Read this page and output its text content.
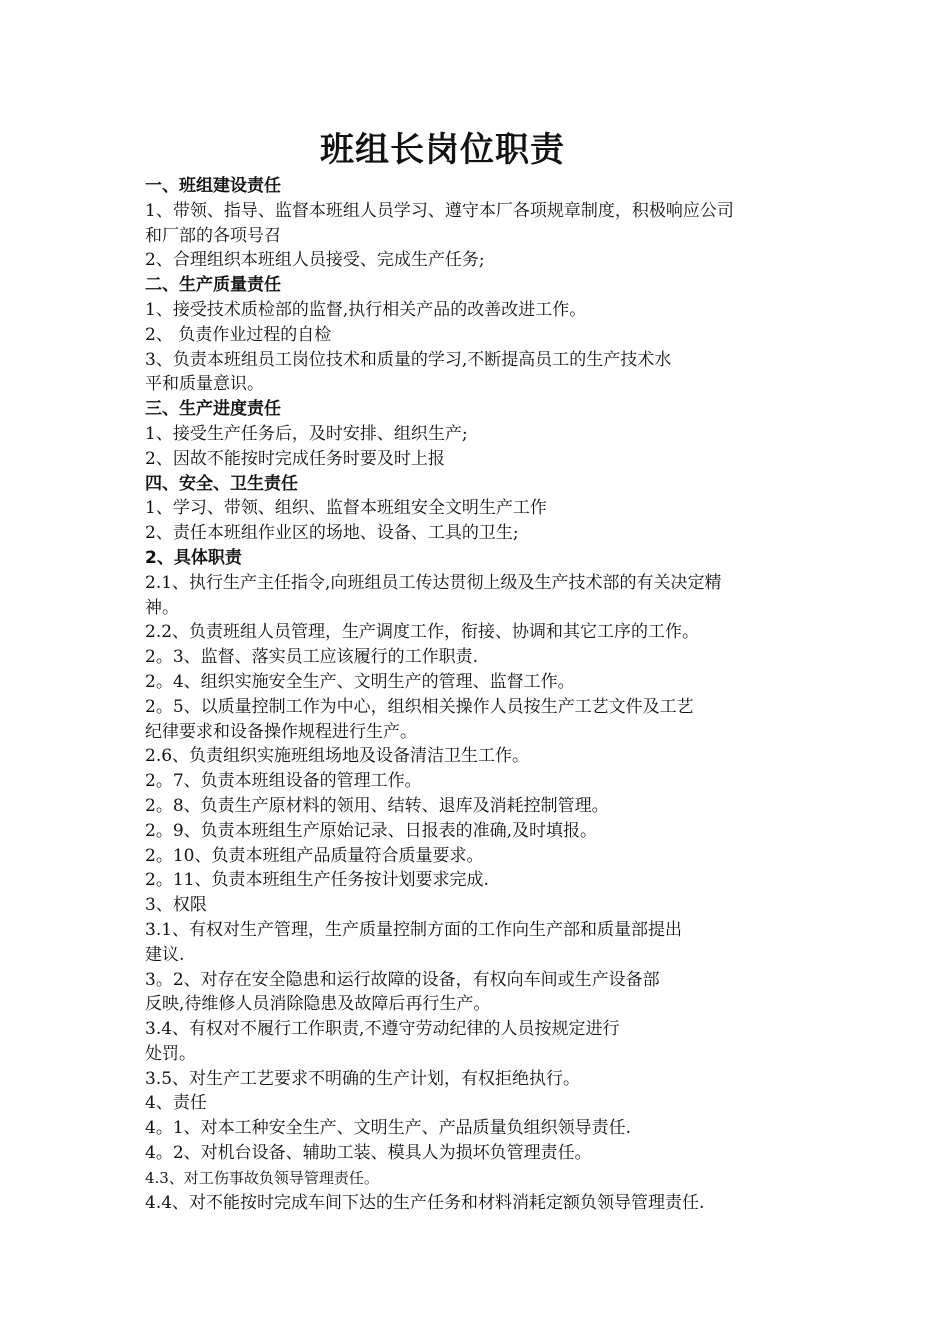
班组长岗位职责
一、班组建设责任
1、带领、指导、监督本班组人员学习、遵守本厂各项规章制度，积极响应公司
和厂部的各项号召
2、合理组织本班组人员接受、完成生产任务;
二、生产质量责任
1、接受技术质检部的监督,执行相关产品的改善改进工作。
2、 负责作业过程的自检
3、负责本班组员工岗位技术和质量的学习,不断提高员工的生产技术水
平和质量意识。
三、生产进度责任
1、接受生产任务后，及时安排、组织生产;
2、因故不能按时完成任务时要及时上报
四、安全、卫生责任
1、学习、带领、组织、监督本班组安全文明生产工作
2、责任本班组作业区的场地、设备、工具的卫生;
2、具体职责
2.1、执行生产主任指令,向班组员工传达贯彻上级及生产技术部的有关决定精
神。
2.2、负责班组人员管理，生产调度工作，衔接、协调和其它工序的工作。
2。3、监督、落实员工应该履行的工作职责.
2。4、组织实施安全生产、文明生产的管理、监督工作。
2。5、以质量控制工作为中心，组织相关操作人员按生产工艺文件及工艺
纪律要求和设备操作规程进行生产。
2.6、负责组织实施班组场地及设备清洁卫生工作。
2。7、负责本班组设备的管理工作。
2。8、负责生产原材料的领用、结转、退库及消耗控制管理。
2。9、负责本班组生产原始记录、日报表的准确,及时填报。
2。10、负责本班组产品质量符合质量要求。
2。11、负责本班组生产任务按计划要求完成.
3、权限
3.1、有权对生产管理，生产质量控制方面的工作向生产部和质量部提出
建议.
3。2、对存在安全隐患和运行故障的设备，有权向车间或生产设备部
反映,待维修人员消除隐患及故障后再行生产。
3.4、有权对不履行工作职责,不遵守劳动纪律的人员按规定进行
处罚。
3.5、对生产工艺要求不明确的生产计划，有权拒绝执行。
4、责任
4。1、对本工种安全生产、文明生产、产品质量负组织领导责任.
4。2、对机台设备、辅助工装、模具人为损坏负管理责任。
4.3、对工伤事故负领导管理责任。
4.4、对不能按时完成车间下达的生产任务和材料消耗定额负领导管理责任.
